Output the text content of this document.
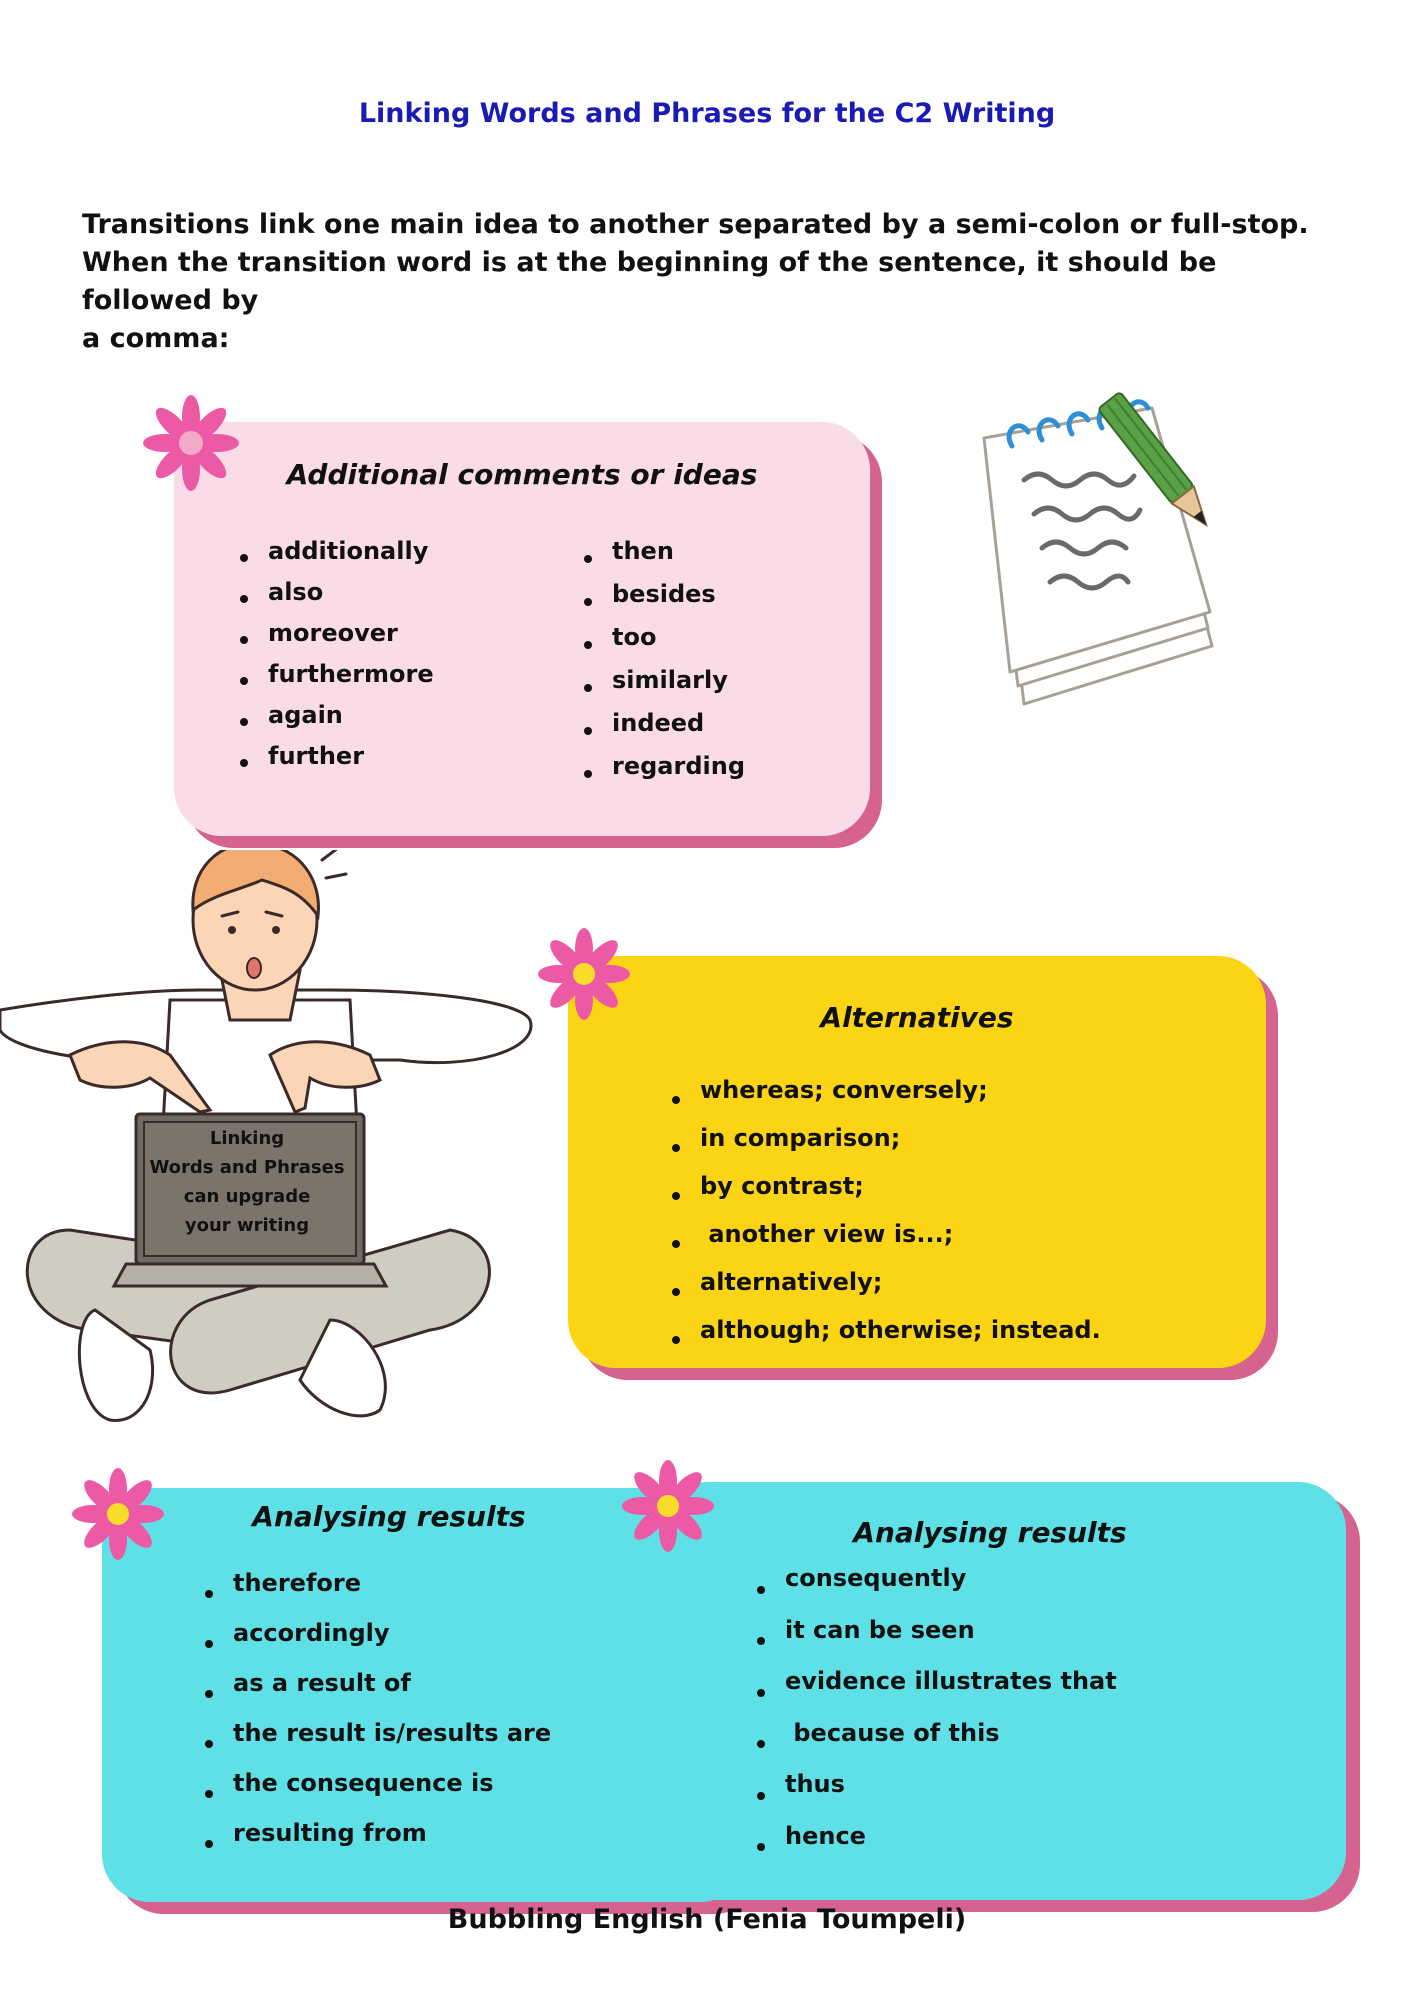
Linking Words and Phrases for the C2 Writing

Transitions link one main idea to another separated by a semi-colon or full-stop.

When the transition word is at the beginning of the sentence, it should be followed by

a comma:

Additional comments or ideas
additionally
also
moreover
furthermore
again
further
then
besides
too
similarly
indeed
regarding
Alternatives
whereas; conversely;
in comparison;
by contrast;
another view is...;
alternatively;
although; otherwise; instead.
Analysing results	Analysing results
therefore
accordingly
as a result of
the result is/results are
the consequence is
resulting from
consequently
it can be seen
evidence illustrates that
because of this
thus
hence
Linking
Words and Phrases
can upgrade
your writing
Bubbling English (Fenia Toumpeli)
